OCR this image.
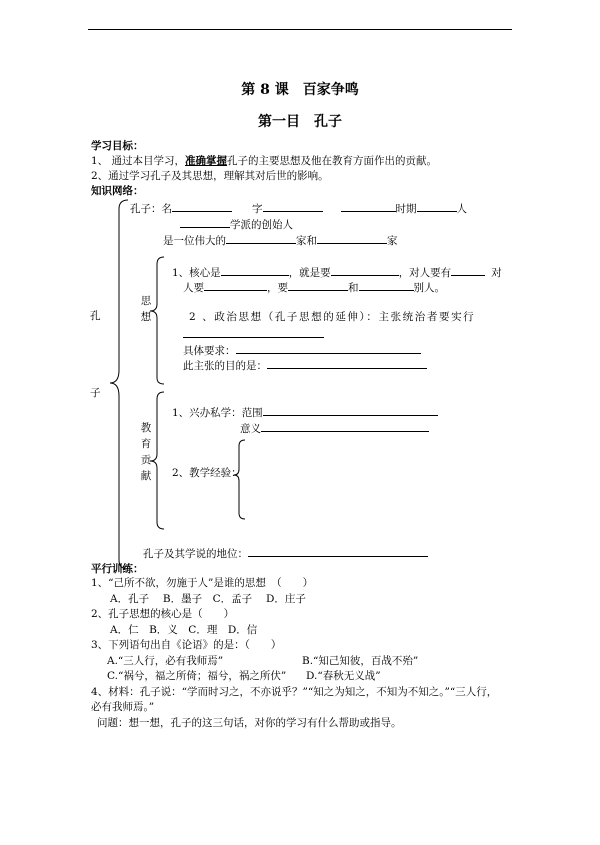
第 8 课　百家争鸣
第一目　孔子
学习目标：
1、 通过本目学习，准确掌握孔子的主要思想及他在教育方面作出的贡献。
2、通过学习孔子及其思想，理解其对后世的影响。
知识网络：
孔
子
孔子：名	字	时期	人
学派的创始人
是一位伟大的	家和	家
思
想
1、核心是	，就是要	，对人要有	对
人要	，要	和	别人。
2 、政治思想（孔子思想的延伸）：主张统治者要实行
具体要求：
此主张的目的是：
教
育
贡
献
1、兴办私学：范围
意义
2、教学经验：
孔子及其学说的地位：
平行训练：
1、“己所不欲，勿施于人”是谁的思想　（　　）
A．孔子　 B．墨子　C．孟子　 D．庄子
2、孔子思想的核心是（　　）
A．仁　B．义　C．理　D．信
3、下列语句出自《论语》的是：（　　）
A.“三人行，必有我师焉”	B.“知己知彼，百战不殆”
C.“祸兮，福之所倚；福兮，祸之所伏” D.“春秋无义战”
4、材料：孔子说：“学而时习之，不亦说乎？”“知之为知之，不知为不知之。”“三人行，
必有我师焉。”
问题：想一想，孔子的这三句话，对你的学习有什么帮助或指导。
